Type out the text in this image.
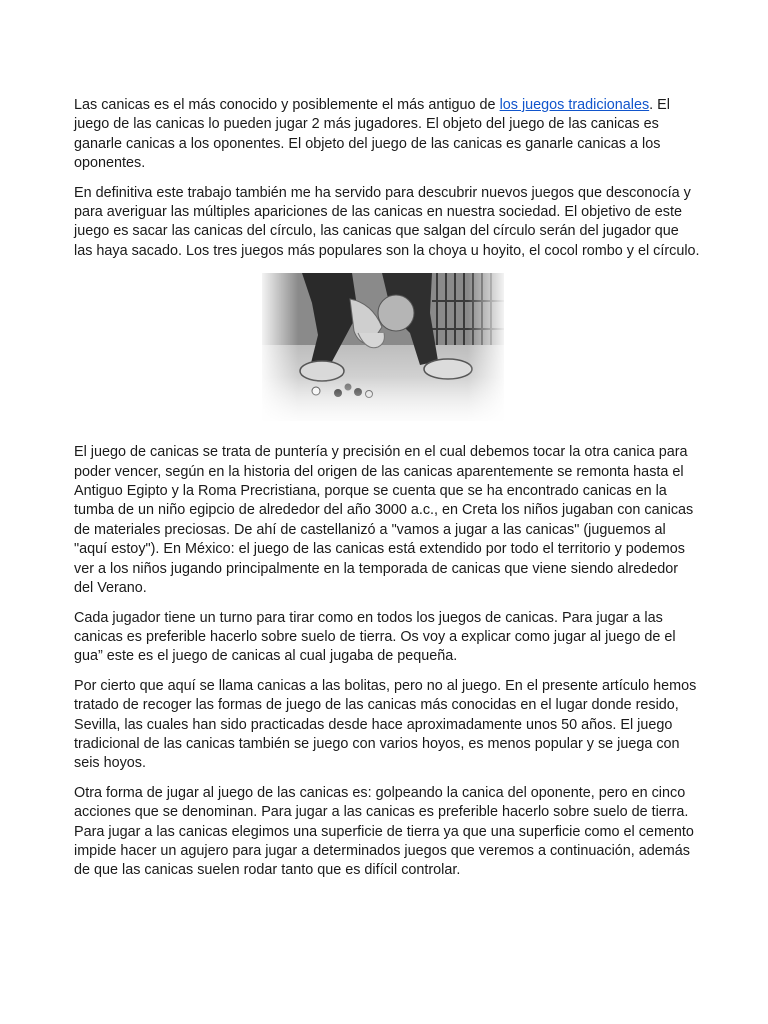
Las canicas es el más conocido y posiblemente el más antiguo de los juegos tradicionales. El juego de las canicas lo pueden jugar 2 más jugadores. El objeto del juego de las canicas es ganarle canicas a los oponentes. El objeto del juego de las canicas es ganarle canicas a los oponentes.

En definitiva este trabajo también me ha servido para descubrir nuevos juegos que desconocía y para averiguar las múltiples apariciones de las canicas en nuestra sociedad. El objetivo de este juego es sacar las canicas del círculo, las canicas que salgan del círculo serán del jugador que las haya sacado. Los tres juegos más populares son la choya u hoyito, el cocol rombo y el círculo.

El juego de canicas se trata de puntería y precisión en el cual debemos tocar la otra canica para poder vencer, según en la historia del origen de las canicas aparentemente se remonta hasta el Antiguo Egipto y la Roma Precristiana, porque se cuenta que se ha encontrado canicas en la tumba de un niño egipcio de alrededor del año 3000 a.c., en Creta los niños jugaban con canicas de materiales preciosas. De ahí de castellanizó a "vamos a jugar a las canicas" (juguemos al "aquí estoy"). En México: el juego de las canicas está extendido por todo el territorio y podemos ver a los niños jugando principalmente en la temporada de canicas que viene siendo alrededor del Verano.

Cada jugador tiene un turno para tirar como en todos los juegos de canicas. Para jugar a las canicas es preferible hacerlo sobre suelo de tierra. Os voy a explicar como jugar al juego de el gua” este es el juego de canicas al cual jugaba de pequeña.

Por cierto que aquí se llama canicas a las bolitas, pero no al juego. En el presente artículo hemos tratado de recoger las formas de juego de las canicas más conocidas en el lugar donde resido, Sevilla, las cuales han sido practicadas desde hace aproximadamente unos 50 años. El juego tradicional de las canicas también se juego con varios hoyos, es menos popular y se juega con seis hoyos.

Otra forma de jugar al juego de las canicas es: golpeando la canica del oponente, pero en cinco acciones que se denominan. Para jugar a las canicas es preferible hacerlo sobre suelo de tierra. Para jugar a las canicas elegimos una superficie de tierra ya que una superficie como el cemento impide hacer un agujero para jugar a determinados juegos que veremos a continuación, además de que las canicas suelen rodar tanto que es difícil controlar.
